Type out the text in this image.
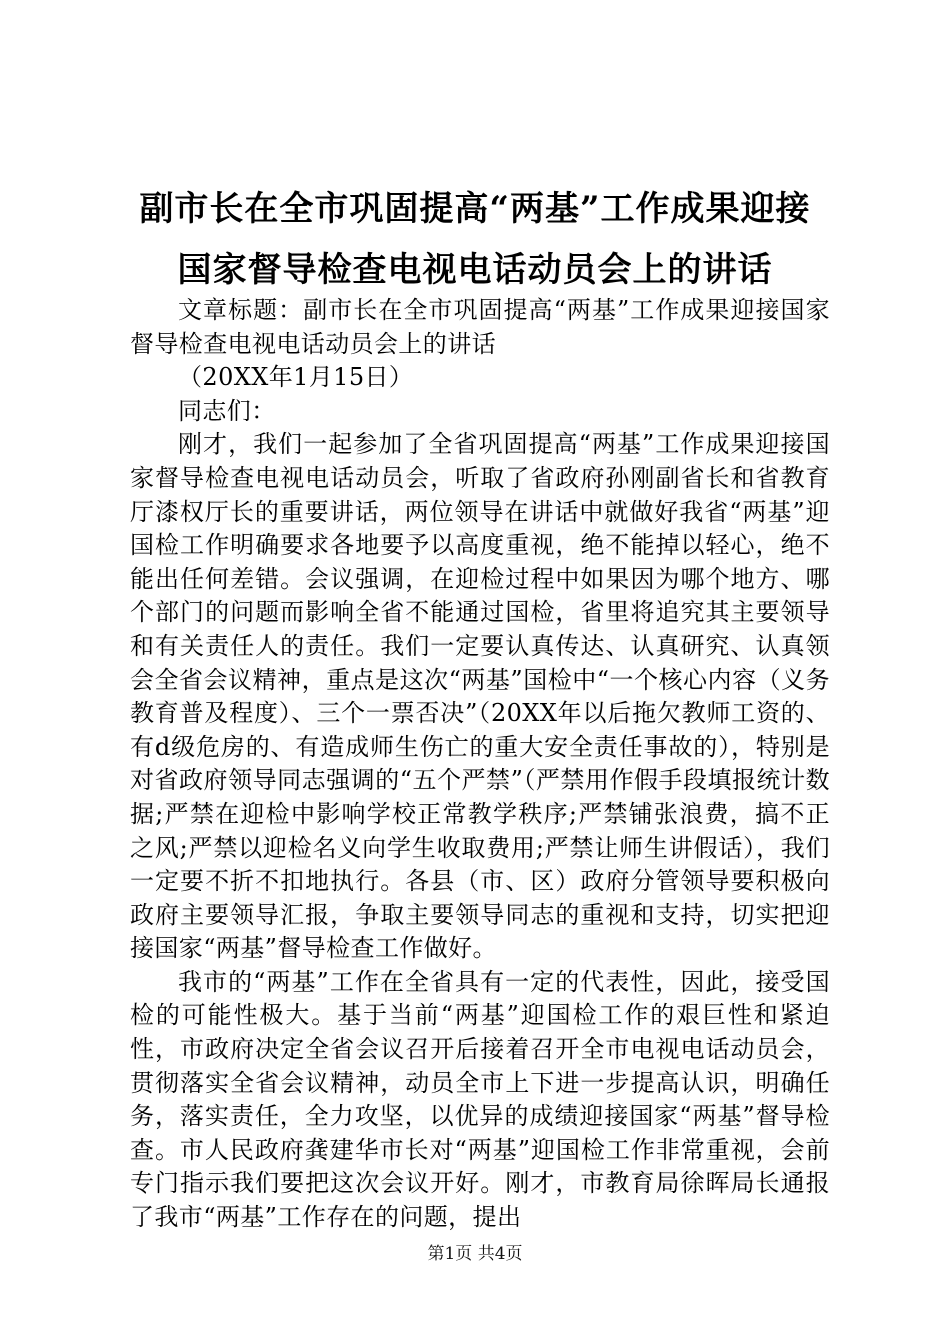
副市长在全市巩固提高“两基”工作成果迎接
国家督导检查电视电话动员会上的讲话

文章标题：副市长在全市巩固提高“两基”工作成果迎接国家督导检查电视电话动员会上的讲话

（20XX年1月15日）

同志们：

刚才，我们一起参加了全省巩固提高“两基”工作成果迎接国家督导检查电视电话动员会，听取了省政府孙刚副省长和省教育厅漆权厅长的重要讲话，两位领导在讲话中就做好我省“两基”迎国检工作明确要求各地要予以高度重视，绝不能掉以轻心，绝不能出任何差错。会议强调，在迎检过程中如果因为哪个地方、哪个部门的问题而影响全省不能通过国检，省里将追究其主要领导和有关责任人的责任。我们一定要认真传达、认真研究、认真领会全省会议精神，重点是这次“两基”国检中“一个核心内容（义务教育普及程度）、三个一票否决”（20XX年以后拖欠教师工资的、有d级危房的、有造成师生伤亡的重大安全责任事故的），特别是对省政府领导同志强调的“五个严禁”（严禁用作假手段填报统计数据;严禁在迎检中影响学校正常教学秩序;严禁铺张浪费，搞不正之风;严禁以迎检名义向学生收取费用;严禁让师生讲假话），我们一定要不折不扣地执行。各县（市、区）政府分管领导要积极向政府主要领导汇报，争取主要领导同志的重视和支持，切实把迎接国家“两基”督导检查工作做好。

我市的“两基”工作在全省具有一定的代表性，因此，接受国检的可能性极大。基于当前“两基”迎国检工作的艰巨性和紧迫性，市政府决定全省会议召开后接着召开全市电视电话动员会，贯彻落实全省会议精神，动员全市上下进一步提高认识，明确任务，落实责任，全力攻坚，以优异的成绩迎接国家“两基”督导检查。市人民政府龚建华市长对“两基”迎国检工作非常重视，会前专门指示我们要把这次会议开好。刚才，市教育局徐晖局长通报了我市“两基”工作存在的问题，提出

第1页 共4页
